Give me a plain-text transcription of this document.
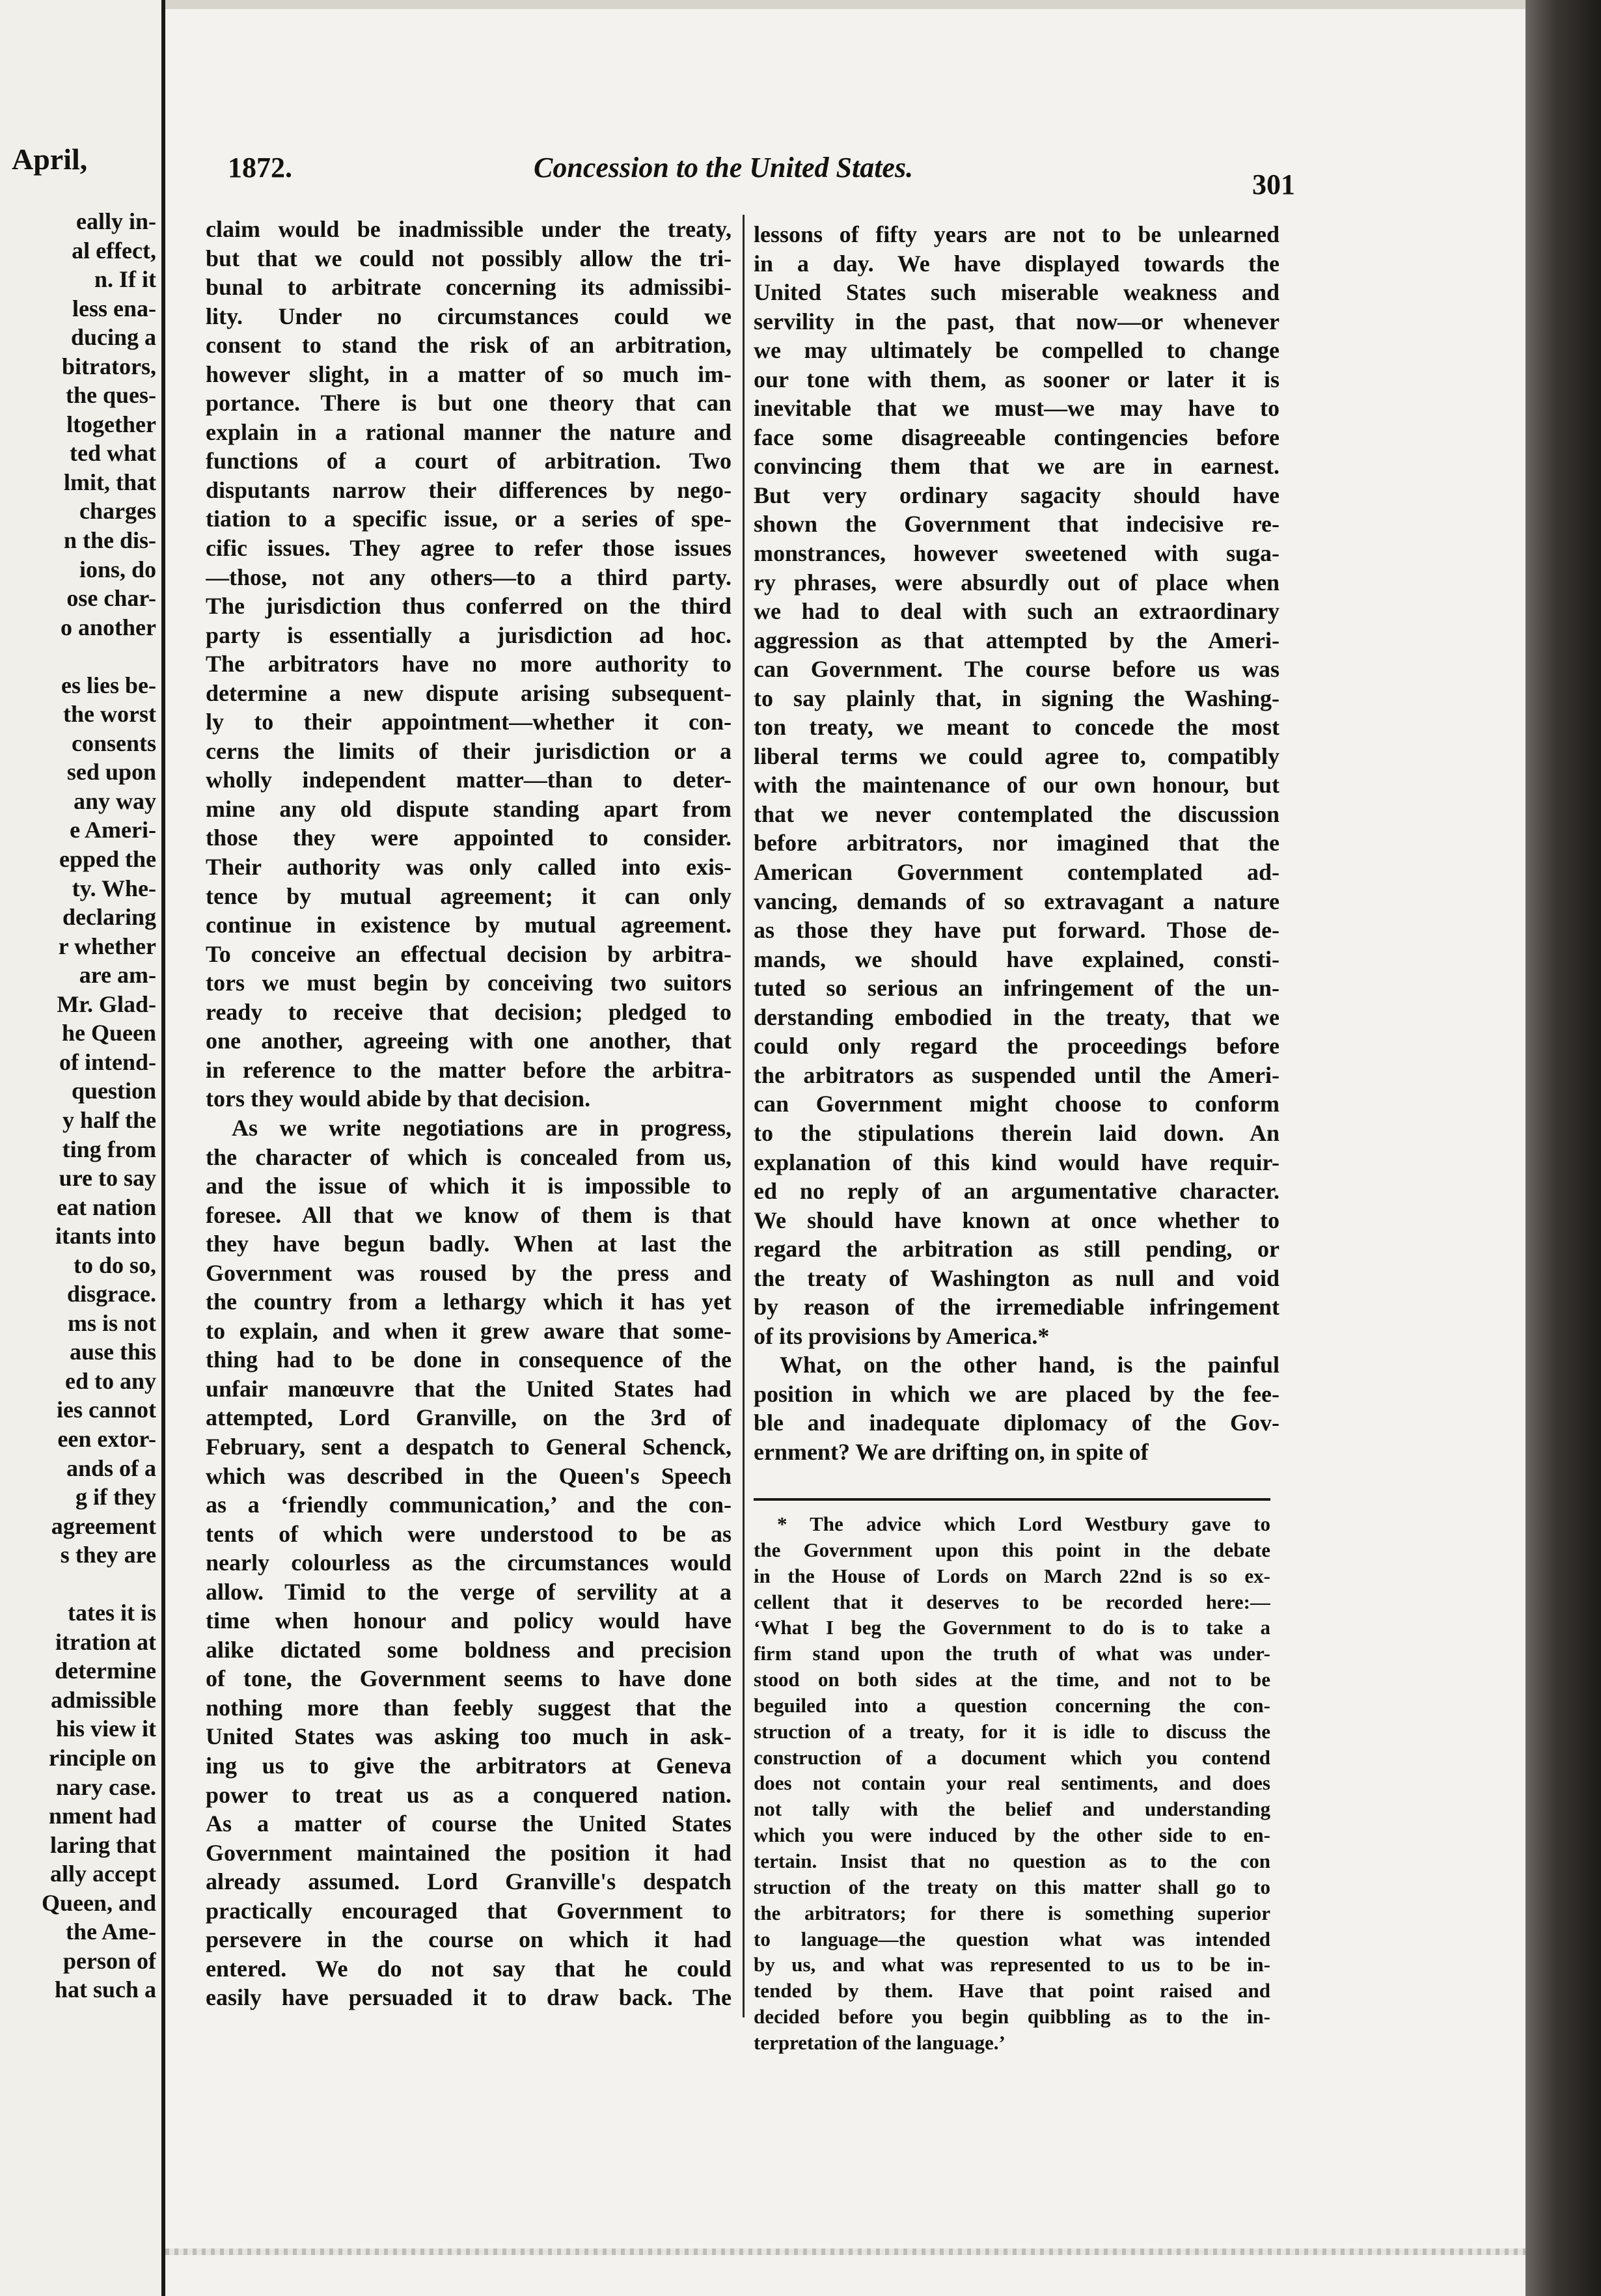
April,
eally in-
al effect,
n. If it
less ena-
ducing a
bitrators,
the ques-
ltogether
ted what
lmit, that
charges
n the dis-
ions, do
ose char-
o another
es lies be-
the worst
consents
sed upon
any way
e Ameri-
epped the
ty. Whe-
declaring
r whether
are am-
Mr. Glad-
he Queen
of intend-
question
y half the
ting from
ure to say
eat nation
itants into
to do so,
disgrace.
ms is not
ause this
ed to any
ies cannot
een extor-
ands of a
g if they
agreement
s they are
tates it is
itration at
determine
admissible
his view it
rinciple on
nary case.
nment had
laring that
ally accept
Queen, and
the Ame-
person of
hat such a
1872.	Concession to the United States.
301
claim would be inadmissible under the treaty,
but that we could not possibly allow the tri-
bunal to arbitrate concerning its admissibi-
lity. Under no circumstances could we
consent to stand the risk of an arbitration,
however slight, in a matter of so much im-
portance. There is but one theory that can
explain in a rational manner the nature and
functions of a court of arbitration. Two
disputants narrow their differences by nego-
tiation to a specific issue, or a series of spe-
cific issues. They agree to refer those issues
—those, not any others—to a third party.
The jurisdiction thus conferred on the third
party is essentially a jurisdiction ad hoc.
The arbitrators have no more authority to
determine a new dispute arising subsequent-
ly to their appointment—whether it con-
cerns the limits of their jurisdiction or a
wholly independent matter—than to deter-
mine any old dispute standing apart from
those they were appointed to consider.
Their authority was only called into exis-
tence by mutual agreement; it can only
continue in existence by mutual agreement.
To conceive an effectual decision by arbitra-
tors we must begin by conceiving two suitors
ready to receive that decision; pledged to
one another, agreeing with one another, that
in reference to the matter before the arbitra-
tors they would abide by that decision.
As we write negotiations are in progress,
the character of which is concealed from us,
and the issue of which it is impossible to
foresee. All that we know of them is that
they have begun badly. When at last the
Government was roused by the press and
the country from a lethargy which it has yet
to explain, and when it grew aware that some-
thing had to be done in consequence of the
unfair manœuvre that the United States had
attempted, Lord Granville, on the 3rd of
February, sent a despatch to General Schenck,
which was described in the Queen's Speech
as a ‘friendly communication,’ and the con-
tents of which were understood to be as
nearly colourless as the circumstances would
allow. Timid to the verge of servility at a
time when honour and policy would have
alike dictated some boldness and precision
of tone, the Government seems to have done
nothing more than feebly suggest that the
United States was asking too much in ask-
ing us to give the arbitrators at Geneva
power to treat us as a conquered nation.
As a matter of course the United States
Government maintained the position it had
already assumed. Lord Granville's despatch
practically encouraged that Government to
persevere in the course on which it had
entered. We do not say that he could
easily have persuaded it to draw back. The
lessons of fifty years are not to be unlearned
in a day. We have displayed towards the
United States such miserable weakness and
servility in the past, that now—or whenever
we may ultimately be compelled to change
our tone with them, as sooner or later it is
inevitable that we must—we may have to
face some disagreeable contingencies before
convincing them that we are in earnest.
But very ordinary sagacity should have
shown the Government that indecisive re-
monstrances, however sweetened with suga-
ry phrases, were absurdly out of place when
we had to deal with such an extraordinary
aggression as that attempted by the Ameri-
can Government. The course before us was
to say plainly that, in signing the Washing-
ton treaty, we meant to concede the most
liberal terms we could agree to, compatibly
with the maintenance of our own honour, but
that we never contemplated the discussion
before arbitrators, nor imagined that the
American Government contemplated ad-
vancing, demands of so extravagant a nature
as those they have put forward. Those de-
mands, we should have explained, consti-
tuted so serious an infringement of the un-
derstanding embodied in the treaty, that we
could only regard the proceedings before
the arbitrators as suspended until the Ameri-
can Government might choose to conform
to the stipulations therein laid down. An
explanation of this kind would have requir-
ed no reply of an argumentative character.
We should have known at once whether to
regard the arbitration as still pending, or
the treaty of Washington as null and void
by reason of the irremediable infringement
of its provisions by America.*
What, on the other hand, is the painful
position in which we are placed by the fee-
ble and inadequate diplomacy of the Gov-
ernment? We are drifting on, in spite of
* The advice which Lord Westbury gave to
the Government upon this point in the debate
in the House of Lords on March 22nd is so ex-
cellent that it deserves to be recorded here:—
‘What I beg the Government to do is to take a
firm stand upon the truth of what was under-
stood on both sides at the time, and not to be
beguiled into a question concerning the con-
struction of a treaty, for it is idle to discuss the
construction of a document which you contend
does not contain your real sentiments, and does
not tally with the belief and understanding
which you were induced by the other side to en-
tertain. Insist that no question as to the con
struction of the treaty on this matter shall go to
the arbitrators; for there is something superior
to language—the question what was intended
by us, and what was represented to us to be in-
tended by them. Have that point raised and
decided before you begin quibbling as to the in-
terpretation of the language.’
